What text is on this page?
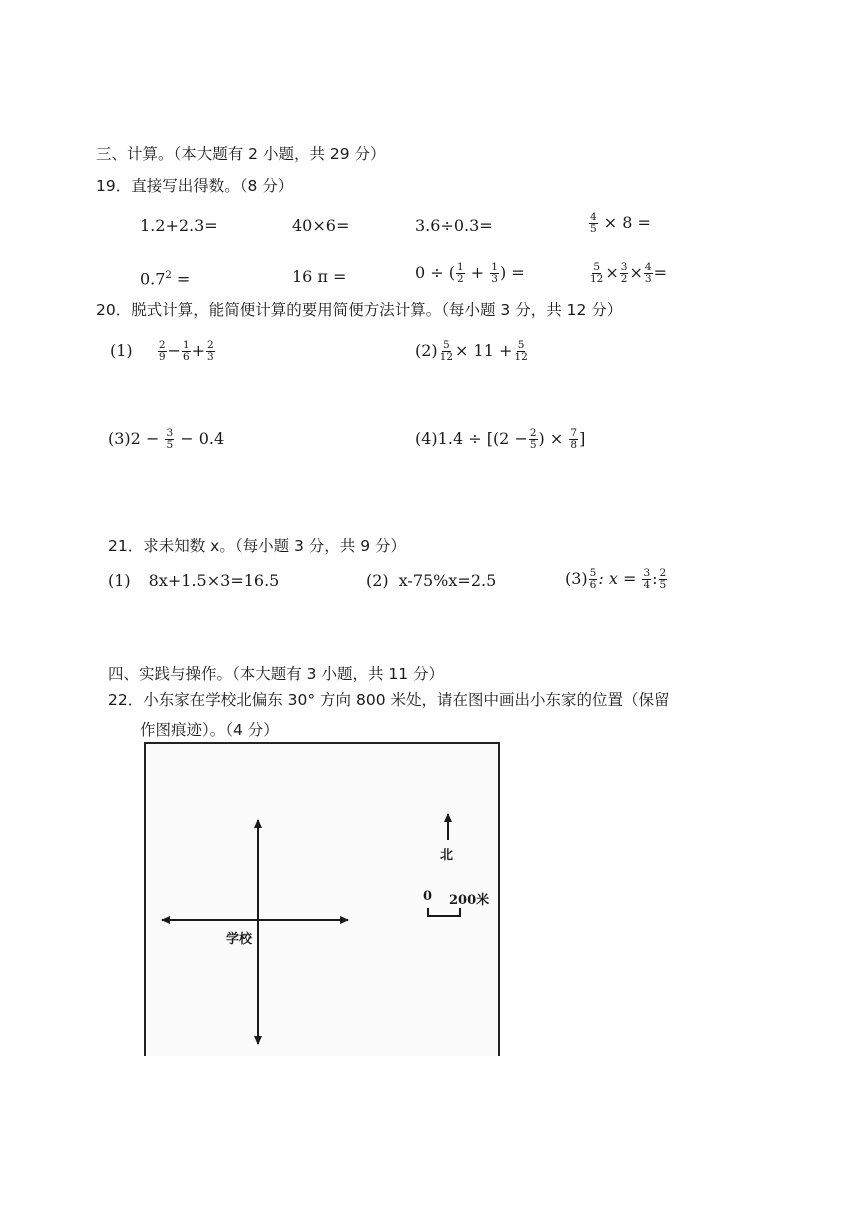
三、计算。（本大题有 2 小题，共 29 分）
19．直接写出得数。（8 分）
1.2+2.3=	40×6=	3.6÷0.3=	$\frac{4}{5} \times 8$ =
$0.7^2$ =	16 π =	0 ÷ ( $\frac{1}{2} + \frac{1}{3}$ ) =	$\frac{5}{12} \times \frac{3}{2} \times \frac{4}{3}$ =
20．脱式计算，能简便计算的要用简便方法计算。（每小题 3 分，共 12 分）
$(1) \frac{2}{9} - \frac{1}{6} + \frac{2}{3}$	$(2) \frac{5}{12} \times 11 + \frac{5}{12}$
$(3)2 - \frac{3}{5} - 0.4$	$(4)1.4 \div [(2 - \frac{2}{5}$ ) × $\frac{7}{8}$ ]
21．求未知数 x。（每小题 3 分，共 9 分）
(1) 8x+1.5×3=16.5	(2) x-75%x=2.5	$(3) \frac{5}{6}$ : $x = \frac{3}{4}$ : $\frac{2}{5}$
四、实践与操作。（本大题有 3 小题，共 11 分）
22．小东家在学校北偏东 30° 方向 800 米处，请在图中画出小东家的位置（保留
作图痕迹）。（4 分）
学校
北
0 200米
